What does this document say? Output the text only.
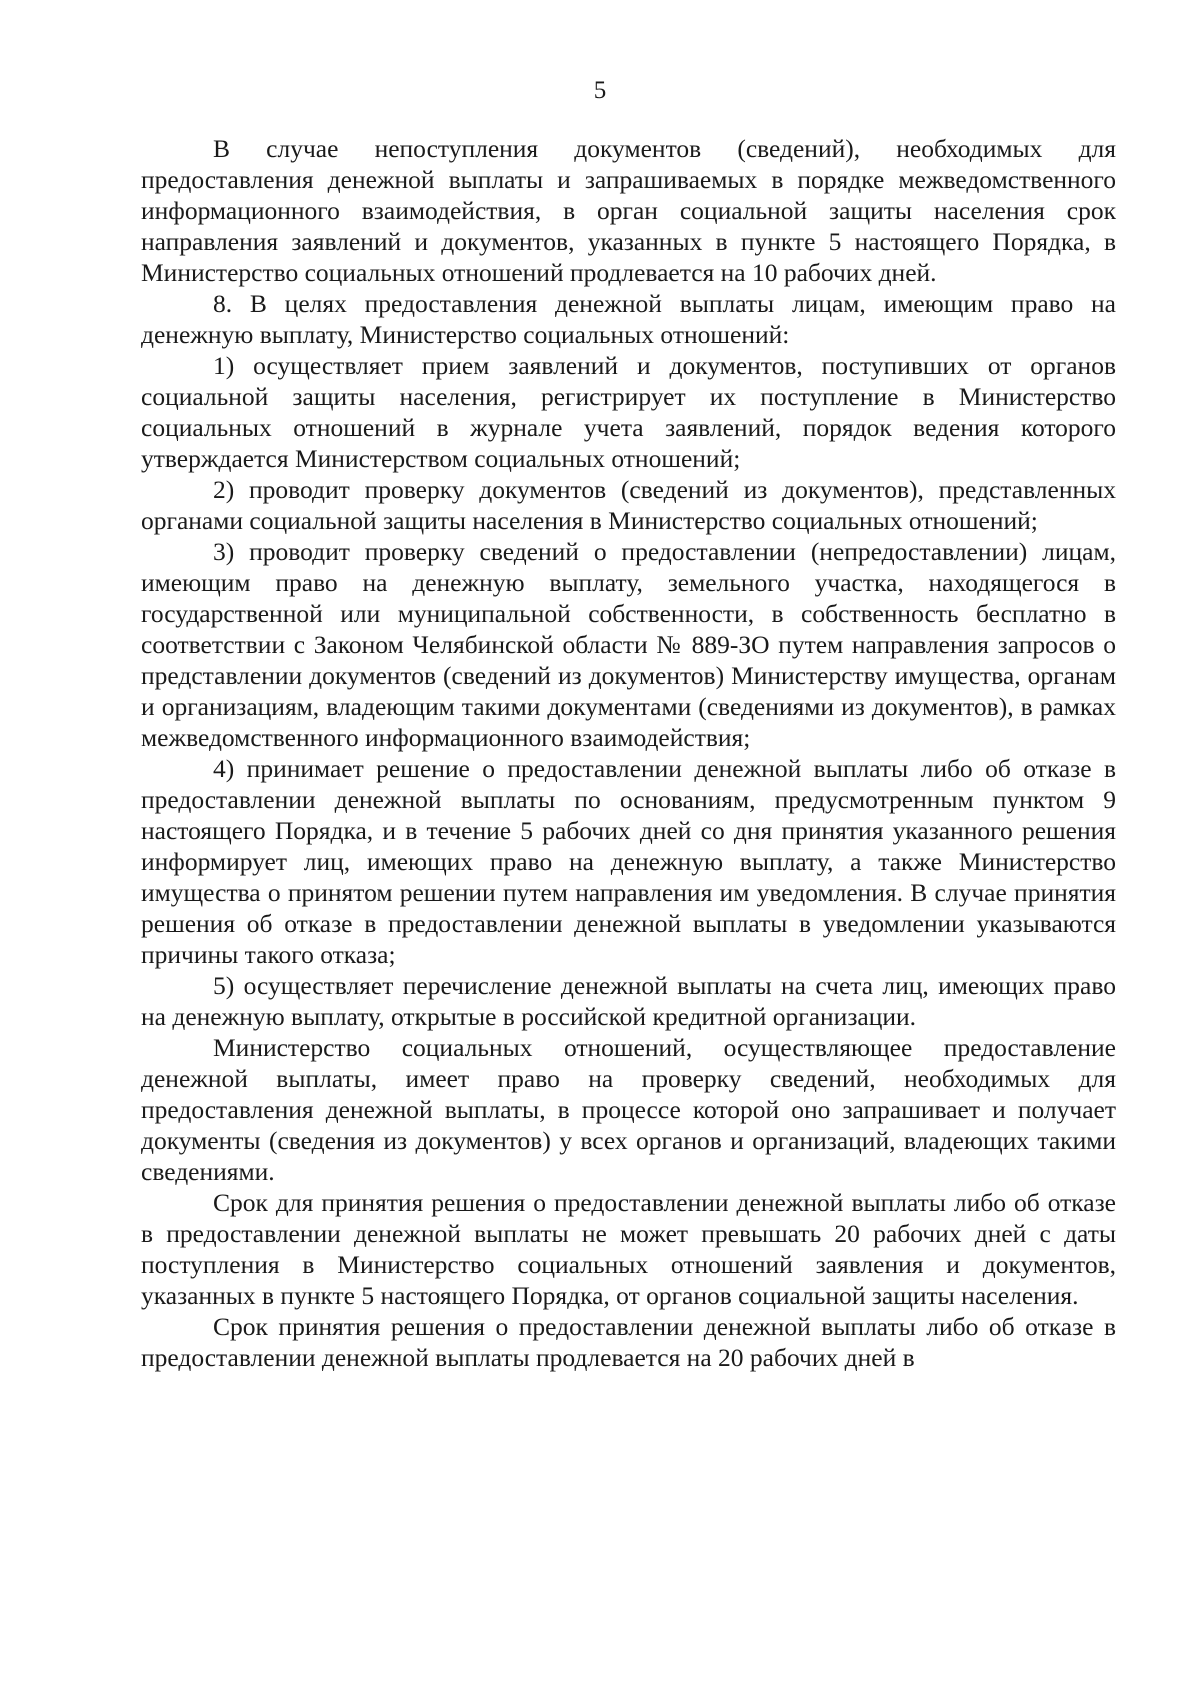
5

В случае непоступления документов (сведений), необходимых для предоставления денежной выплаты и запрашиваемых в порядке межведомственного информационного взаимодействия, в орган социальной защиты населения срок направления заявлений и документов, указанных в пункте 5 настоящего Порядка, в Министерство социальных отношений продлевается на 10 рабочих дней.

8. В целях предоставления денежной выплаты лицам, имеющим право на денежную выплату, Министерство социальных отношений:

1) осуществляет прием заявлений и документов, поступивших от органов социальной защиты населения, регистрирует их поступление в Министерство социальных отношений в журнале учета заявлений, порядок ведения которого утверждается Министерством социальных отношений;

2) проводит проверку документов (сведений из документов), представленных органами социальной защиты населения в Министерство социальных отношений;

3) проводит проверку сведений о предоставлении (непредоставлении) лицам, имеющим право на денежную выплату, земельного участка, находящегося в государственной или муниципальной собственности, в собственность бесплатно в соответствии с Законом Челябинской области № 889-ЗО путем направления запросов о представлении документов (сведений из документов) Министерству имущества, органам и организациям, владеющим такими документами (сведениями из документов), в рамках межведомственного информационного взаимодействия;

4) принимает решение о предоставлении денежной выплаты либо об отказе в предоставлении денежной выплаты по основаниям, предусмотренным пунктом 9 настоящего Порядка, и в течение 5 рабочих дней со дня принятия указанного решения информирует лиц, имеющих право на денежную выплату, а также Министерство имущества о принятом решении путем направления им уведомления. В случае принятия решения об отказе в предоставлении денежной выплаты в уведомлении указываются причины такого отказа;

5) осуществляет перечисление денежной выплаты на счета лиц, имеющих право на денежную выплату, открытые в российской кредитной организации.

Министерство социальных отношений, осуществляющее предоставление денежной выплаты, имеет право на проверку сведений, необходимых для предоставления денежной выплаты, в процессе которой оно запрашивает и получает документы (сведения из документов) у всех органов и организаций, владеющих такими сведениями.

Срок для принятия решения о предоставлении денежной выплаты либо об отказе в предоставлении денежной выплаты не может превышать 20 рабочих дней с даты поступления в Министерство социальных отношений заявления и документов, указанных в пункте 5 настоящего Порядка, от органов социальной защиты населения.

Срок принятия решения о предоставлении денежной выплаты либо об отказе в предоставлении денежной выплаты продлевается на 20 рабочих дней в
